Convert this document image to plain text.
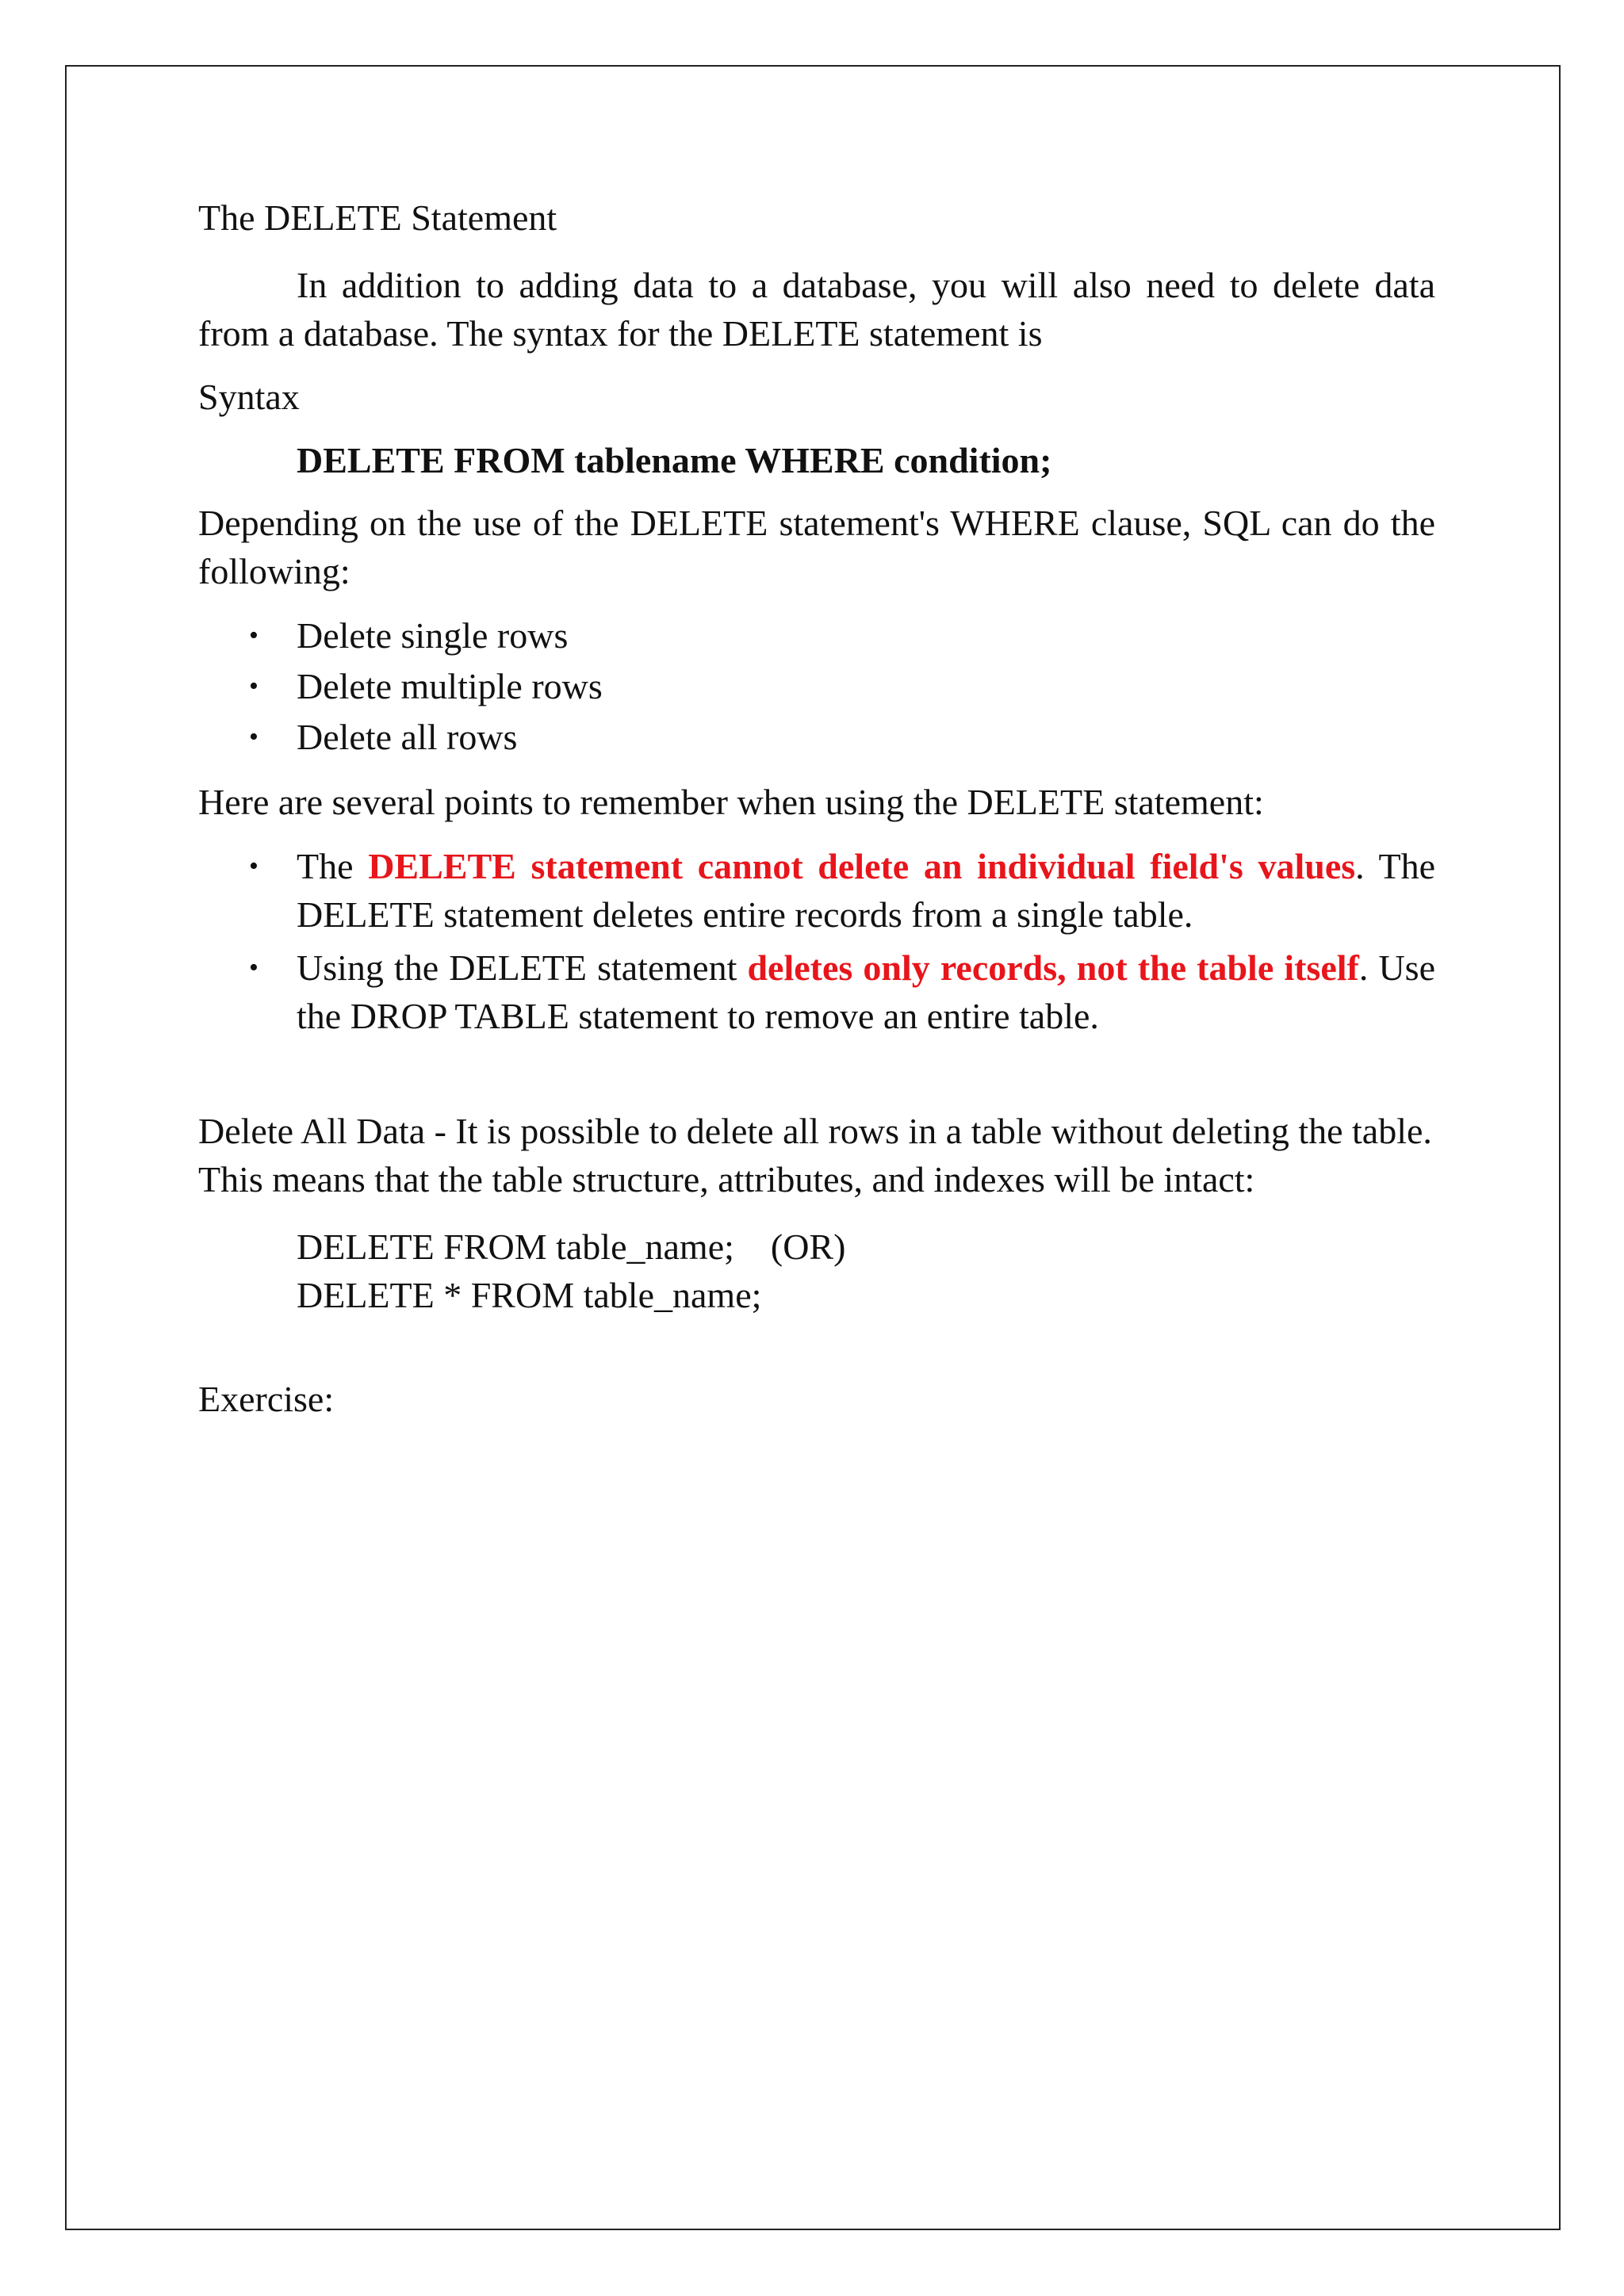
The DELETE Statement

In addition to adding data to a database, you will also need to delete data from a database. The syntax for the DELETE statement is

Syntax

DELETE FROM tablename WHERE condition;

Depending on the use of the DELETE statement's WHERE clause, SQL can do the following:

• Delete single rows
• Delete multiple rows
• Delete all rows

Here are several points to remember when using the DELETE statement:

• The DELETE statement cannot delete an individual field's values. The DELETE statement deletes entire records from a single table.
• Using the DELETE statement deletes only records, not the table itself. Use the DROP TABLE statement to remove an entire table.

Delete All Data - It is possible to delete all rows in a table without deleting the table. This means that the table structure, attributes, and indexes will be intact:

DELETE FROM table_name;    (OR)
DELETE * FROM table_name;

Exercise:
